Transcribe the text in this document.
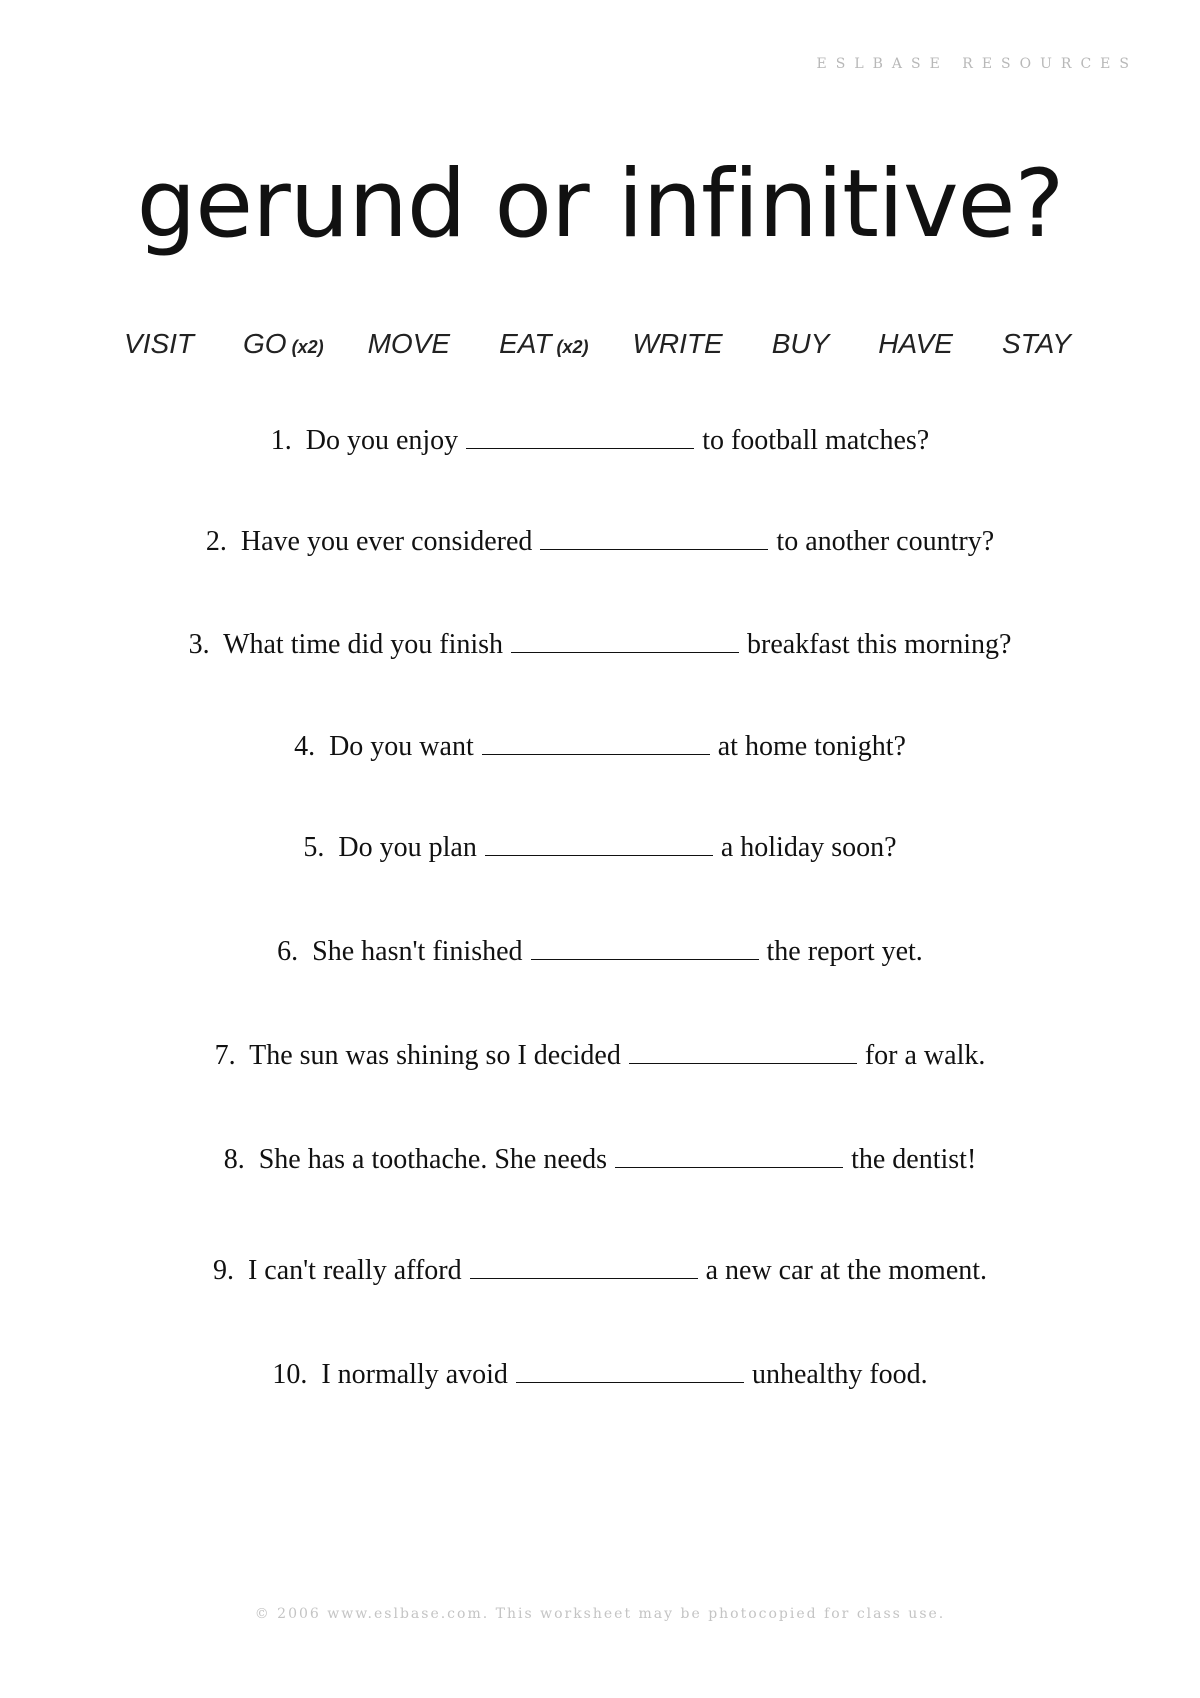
ESLBASE RESOURCES
gerund or infinitive?
VISIT GO (x2) MOVE EAT (x2) WRITE BUY HAVE STAY
1. Do you enjoy	to football matches?
2. Have you ever considered	to another country?
3. What time did you finish	breakfast this morning?
4. Do you want	at home tonight?
5. Do you plan	a holiday soon?
6. She hasn't finished	the report yet.
7. The sun was shining so I decided	for a walk.
8. She has a toothache. She needs	the dentist!
9. I can't really afford	a new car at the moment.
10. I normally avoid	unhealthy food.
© 2006 www.eslbase.com. This worksheet may be photocopied for class use.
